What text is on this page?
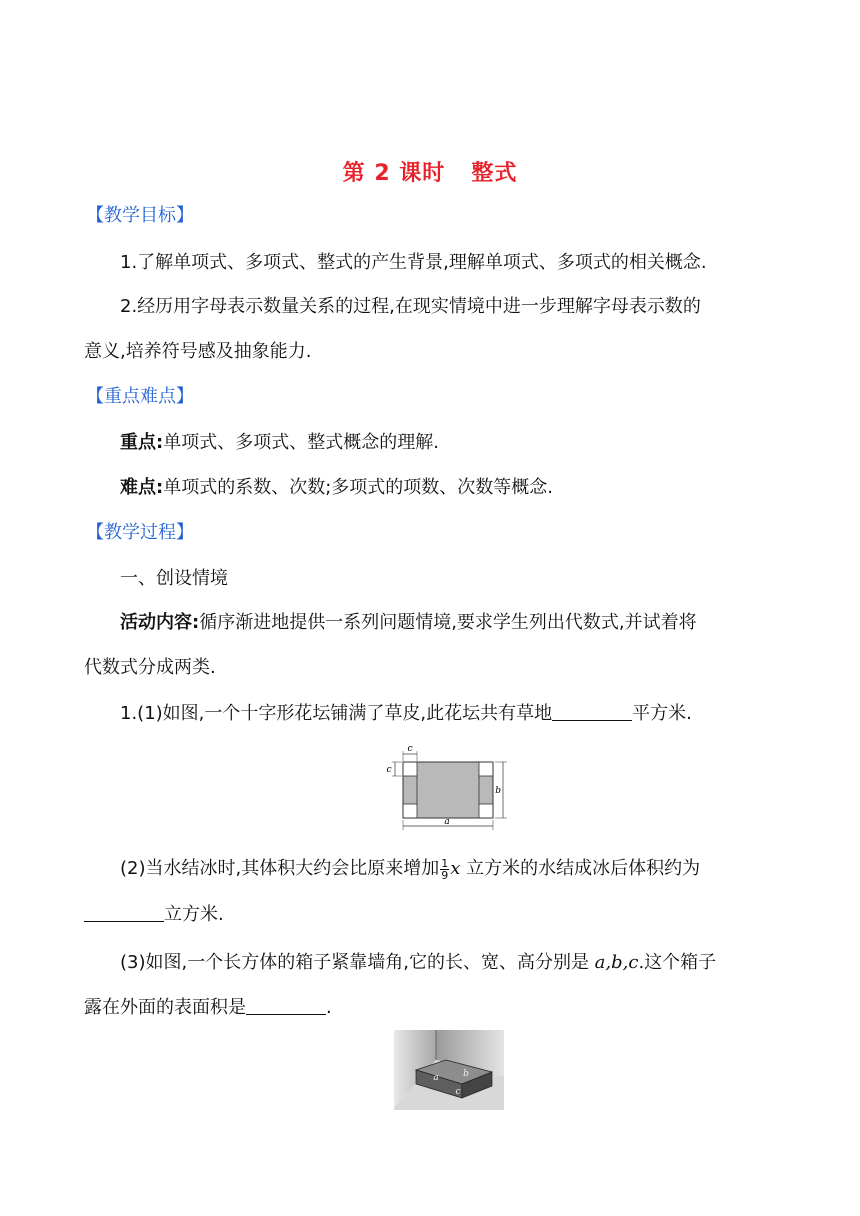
第 2 课时 整式
【教学目标】
1.了解单项式、多项式、整式的产生背景,理解单项式、多项式的相关概念.
2.经历用字母表示数量关系的过程,在现实情境中进一步理解字母表示数的
意义,培养符号感及抽象能力.
【重点难点】
重点:单项式、多项式、整式概念的理解.
难点:单项式的系数、次数;多项式的项数、次数等概念.
【教学过程】
一、创设情境
活动内容:循序渐进地提供一系列问题情境,要求学生列出代数式,并试着将
代数式分成两类.
1.(1)如图,一个十字形花坛铺满了草皮,此花坛共有草地	平方米.
c
c
b
a
(2)当水结冰时,其体积大约会比原来增加 $\frac{1}{9}$ x 立方米的水结成冰后体积约为
立方米.
(3)如图,一个长方体的箱子紧靠墙角,它的长、宽、高分别是 a,b,c.这个箱子
露在外面的表面积是	.
a	b
c
